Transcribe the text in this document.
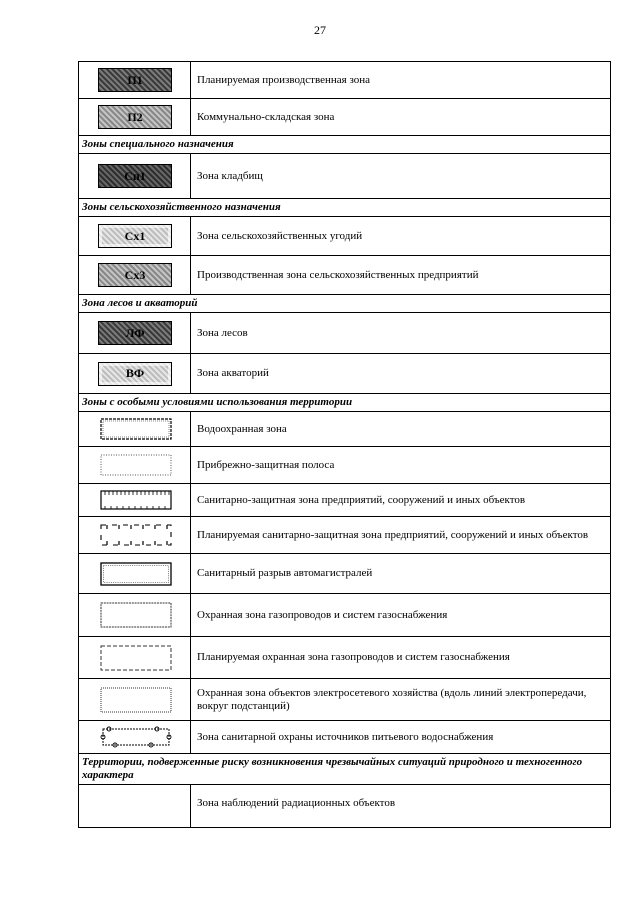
27
П1	Планируемая производственная зона

П2	Коммунально-складская зона
Зоны специального назначения	

Сп1	Зона кладбищ
Зоны сельскохозяйственного назначения	

Сх1	Зона сельскохозяйственных угодий

Сх3	Производственная зона сельскохозяйственных предприятий
Зона лесов и акваторий	

ЛФ	Зона лесов

ВФ	Зона акваторий
Зоны с особыми условиями использования территории	

	Водоохранная зона

	Прибрежно-защитная полоса

	Санитарно-защитная зона предприятий, сооружений и иных объектов

	Планируемая санитарно-защитная зона предприятий, сооружений и иных объектов

	Санитарный разрыв автомагистралей

	Охранная зона газопроводов и систем газоснабжения

	Планируемая охранная зона газопроводов и систем газоснабжения

	Охранная зона объектов электросетевого хозяйства (вдоль линий электропередачи, вокруг подстанций)

	Зона санитарной охраны источников питьевого водоснабжения
Территории, подверженные риску возникновения чрезвычайных ситуаций природного и техногенного характера	
	Зона наблюдений радиационных объектов
